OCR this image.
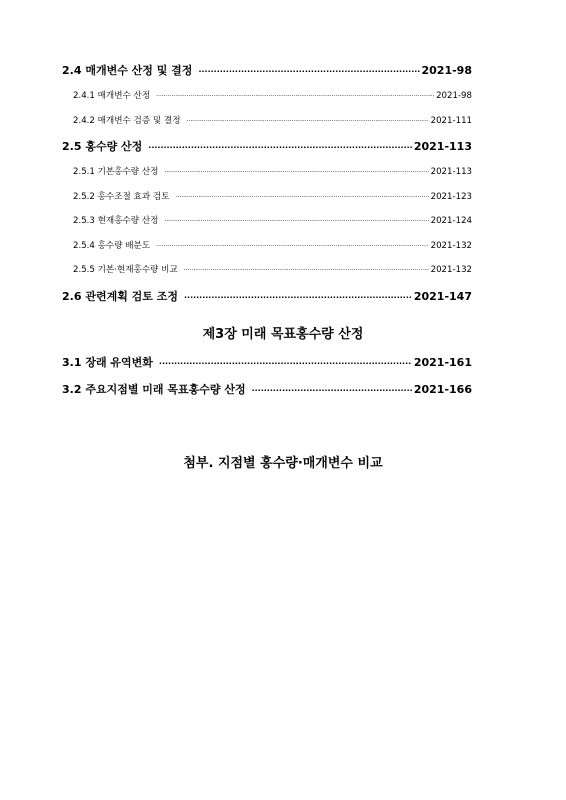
2.4 매개변수 산정 및 결정 ·····	2021-98
2.4.1 매개변수 산정 ·····	2021-98
2.4.2 매개변수 검증 및 결정 ·····	2021-111
2.5 홍수량 산정 ·····	2021-113
2.5.1 기본홍수량 산정 ·····	2021-113
2.5.2 홍수조절 효과 검토 ·····	2021-123
2.5.3 현재홍수량 산정 ·····	2021-124
2.5.4 홍수량 배분도 ·····	2021-132
2.5.5 기본·현재홍수량 비교 ·····	2021-132
2.6 관련계획 검토 조정 ·····	2021-147
제3장 미래 목표홍수량 산정
3.1 장래 유역변화 ·····	2021-161
3.2 주요지점별 미래 목표홍수량 산정 ·····	2021-166
첨부. 지점별 홍수량·매개변수 비교
